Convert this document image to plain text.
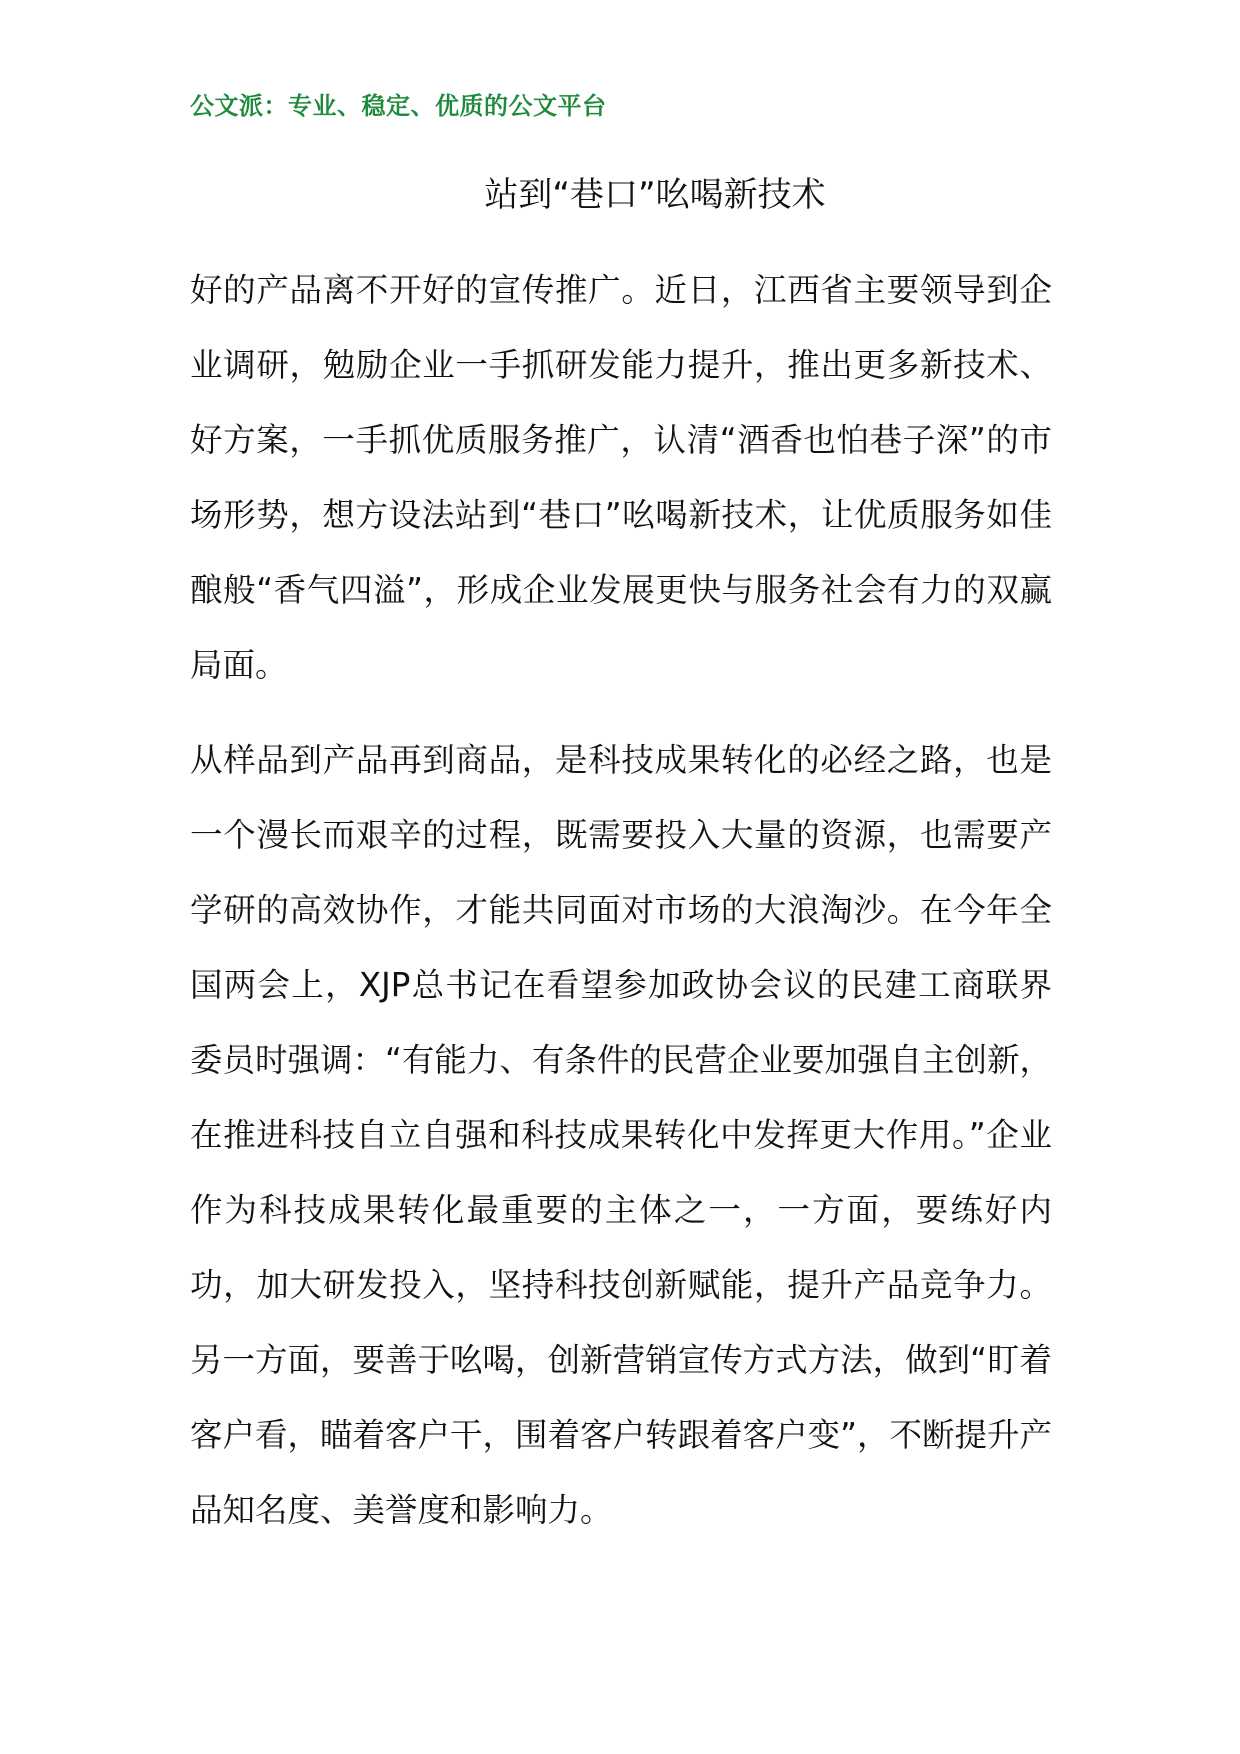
公文派：专业、稳定、优质的公文平台
站到“巷口”吆喝新技术

好的产品离不开好的宣传推广。近日，江西省主要领导到企业调研，勉励企业一手抓研发能力提升，推出更多新技术、好方案，一手抓优质服务推广，认清“酒香也怕巷子深”的市场形势，想方设法站到“巷口”吆喝新技术，让优质服务如佳酿般“香气四溢”，形成企业发展更快与服务社会有力的双赢局面。

从样品到产品再到商品，是科技成果转化的必经之路，也是一个漫长而艰辛的过程，既需要投入大量的资源，也需要产学研的高效协作，才能共同面对市场的大浪淘沙。在今年全国两会上，XJP总书记在看望参加政协会议的民建工商联界委员时强调：“有能力、有条件的民营企业要加强自主创新，在推进科技自立自强和科技成果转化中发挥更大作用。”企业作为科技成果转化最重要的主体之一，一方面，要练好内功，加大研发投入，坚持科技创新赋能，提升产品竞争力。另一方面，要善于吆喝，创新营销宣传方式方法，做到“盯着客户看，瞄着客户干，围着客户转跟着客户变”，不断提升产品知名度、美誉度和影响力。
